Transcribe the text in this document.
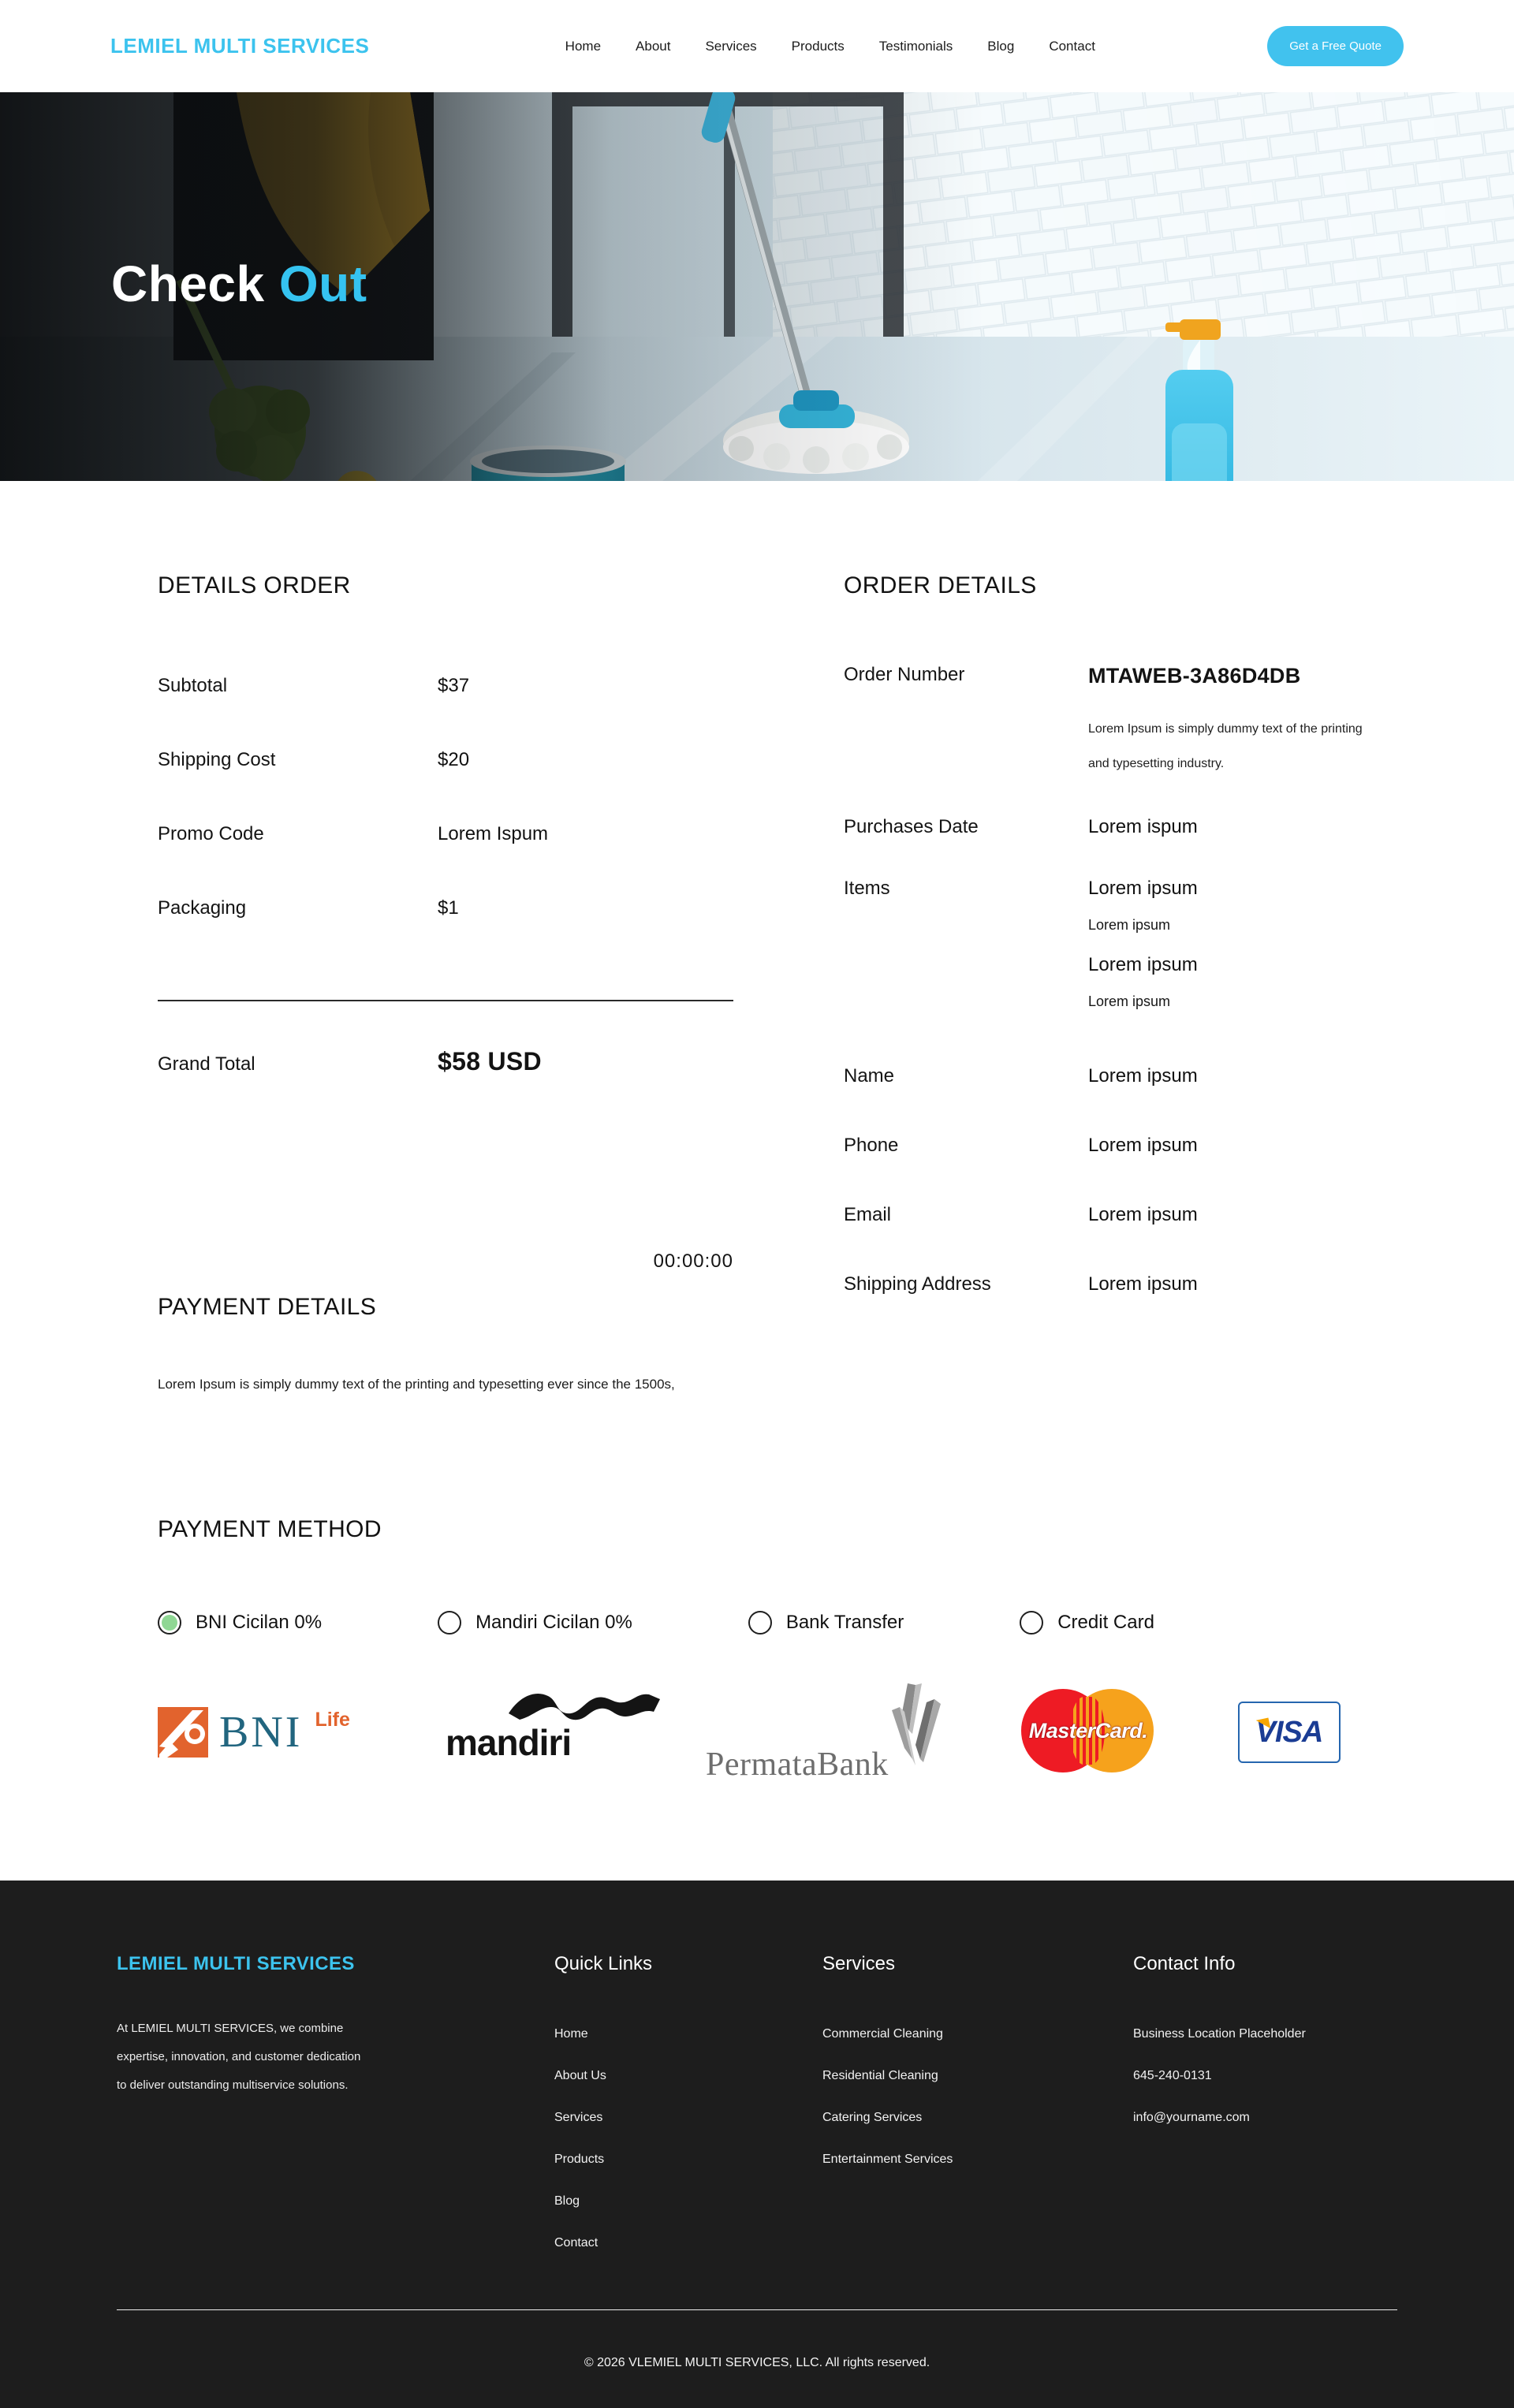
LEMIEL MULTI SERVICES	Home	About	Services	Products	Testimonials	Blog	Contact	Get a Free Quote
Check Out
DETAILS ORDER
Subtotal	$37
Shipping Cost	$20
Promo Code	Lorem Ispum
Packaging	$1
Grand Total	$58 USD
PAYMENT DETAILS
00:00:00

Lorem Ipsum is simply dummy text of the printing and typesetting ever since the 1500s,

ORDER DETAILS
Order Number	MTAWEB-3A86D4DB
Lorem Ipsum is simply dummy text of the printing and typesetting industry.
Purchases Date	Lorem ispum
Items	Lorem ipsum
Lorem ipsum
Lorem ipsum
Lorem ipsum
Name	Lorem ipsum
Phone	Lorem ipsum
Email	Lorem ipsum
Shipping Address	Lorem ipsum
PAYMENT METHOD
BNI Cicilan 0%	Mandiri Cicilan 0%	Bank Transfer	Credit Card
BNI Life
mandiri
PermataBank
MasterCard.	VISA
LEMIEL MULTI SERVICES

At LEMIEL MULTI SERVICES, we combine expertise, innovation, and customer dedication to deliver outstanding multiservice solutions.

Quick Links
Home
About Us
Services
Products
Blog
Contact
Services
Commercial Cleaning
Residential Cleaning
Catering Services
Entertainment Services
Contact Info
Business Location Placeholder
645-240-0131
info@yourname.com
© 2026 VLEMIEL MULTI SERVICES, LLC. All rights reserved.
